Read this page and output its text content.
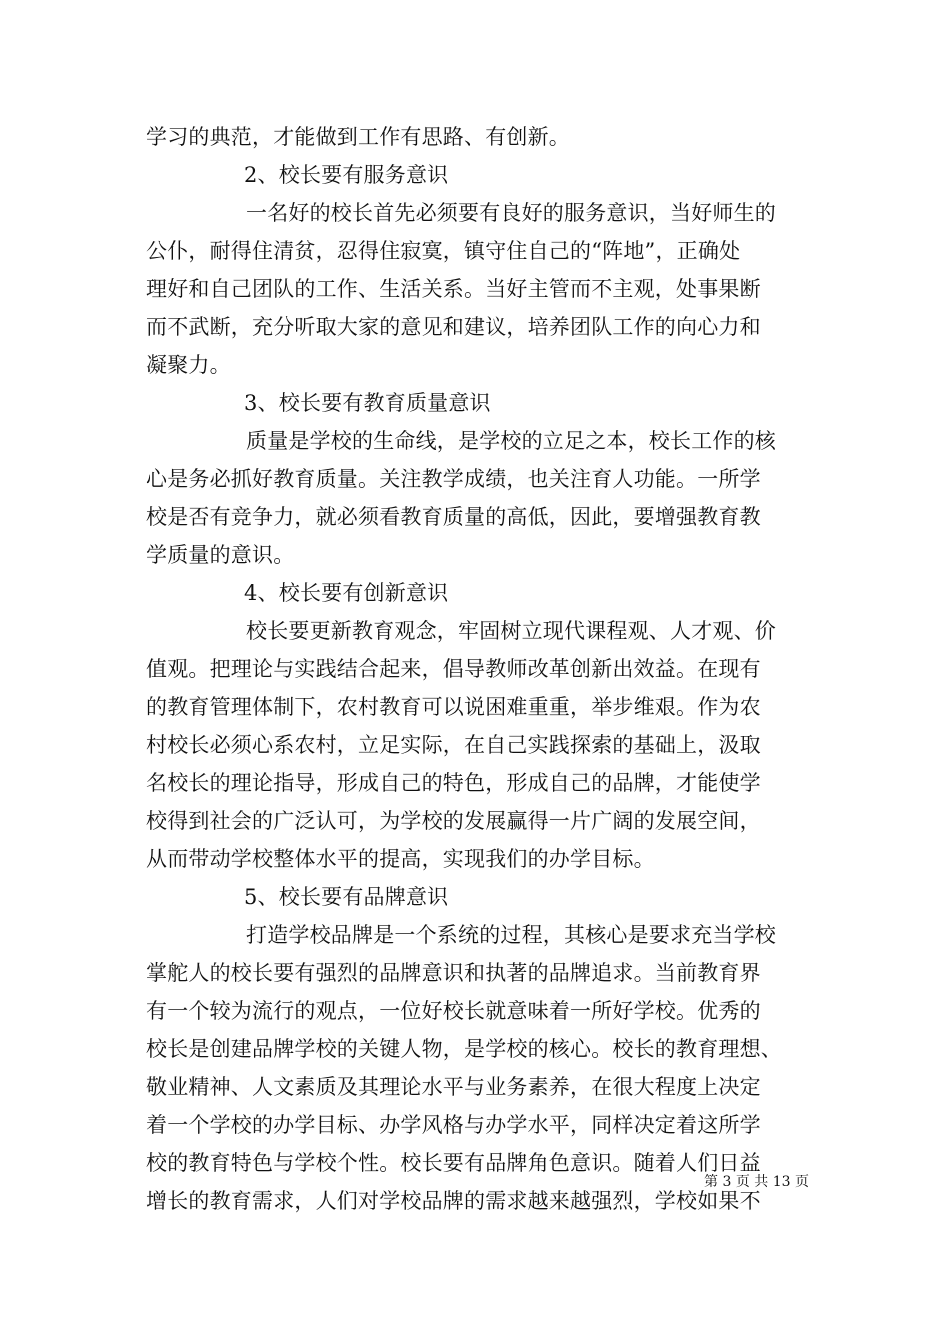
学习的典范，才能做到工作有思路、有创新。
2、校长要有服务意识
一名好的校长首先必须要有良好的服务意识，当好师生的
公仆，耐得住清贫，忍得住寂寞，镇守住自己的“阵地”，正确处
理好和自己团队的工作、生活关系。当好主管而不主观，处事果断
而不武断，充分听取大家的意见和建议，培养团队工作的向心力和
凝聚力。
3、校长要有教育质量意识
质量是学校的生命线，是学校的立足之本，校长工作的核
心是务必抓好教育质量。关注教学成绩，也关注育人功能。一所学
校是否有竞争力，就必须看教育质量的高低，因此，要增强教育教
学质量的意识。
4、校长要有创新意识
校长要更新教育观念，牢固树立现代课程观、人才观、价
值观。把理论与实践结合起来，倡导教师改革创新出效益。在现有
的教育管理体制下，农村教育可以说困难重重，举步维艰。作为农
村校长必须心系农村，立足实际，在自己实践探索的基础上，汲取
名校长的理论指导，形成自己的特色，形成自己的品牌，才能使学
校得到社会的广泛认可，为学校的发展赢得一片广阔的发展空间，
从而带动学校整体水平的提高，实现我们的办学目标。
5、校长要有品牌意识
打造学校品牌是一个系统的过程，其核心是要求充当学校
掌舵人的校长要有强烈的品牌意识和执著的品牌追求。当前教育界
有一个较为流行的观点，一位好校长就意味着一所好学校。优秀的
校长是创建品牌学校的关键人物，是学校的核心。校长的教育理想、
敬业精神、人文素质及其理论水平与业务素养，在很大程度上决定
着一个学校的办学目标、办学风格与办学水平，同样决定着这所学
校的教育特色与学校个性。校长要有品牌角色意识。随着人们日益
增长的教育需求，人们对学校品牌的需求越来越强烈，学校如果不
第 3 页 共 13 页
